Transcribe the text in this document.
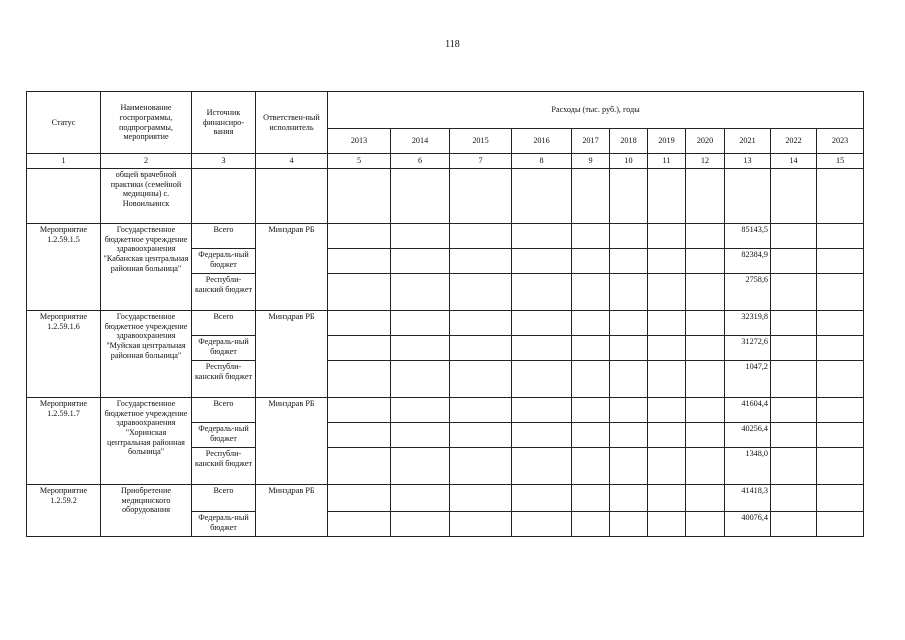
118
Статус	Наименование госпрограммы, подпрограммы, мероприятие	Источник финансиро-вания	Ответствен-ный исполнитель	Расходы (тыс. руб.), годы										
				2013	2014	2015	2016	2017	2018	2019	2020	2021	2022	2023
1	2	3	4	5	6	7	8	9	10	11	12	13	14	15
	общей врачебной практики (семейной медицины) с. Новоильинск													
Мероприятие 1.2.59.1.5	Государственное бюджетное учреждение здравоохранения "Кабанская центральная районная больница"	Всего	Минздрав РБ									85143,5		
		Федераль-ный бюджет										82384,9		
		Республи-канский бюджет										2758,6		
Мероприятие 1.2.59.1.6	Государственное бюджетное учреждение здравоохранения "Муйская центральная районная больница"	Всего	Минздрав РБ									32319,8		
		Федераль-ный бюджет										31272,6		
		Республи-канский бюджет										1047,2		
Мероприятие 1.2.59.1.7	Государственное бюджетное учреждение здравоохранения "Хоринская центральная районная больница"	Всего	Минздрав РБ									41604,4		
		Федераль-ный бюджет										40256,4		
		Республи-канский бюджет										1348,0		
Мероприятие 1.2.59.2	Приобретение медицинского оборудования	Всего	Минздрав РБ									41418,3		
		Федераль-ный бюджет										40076,4		
